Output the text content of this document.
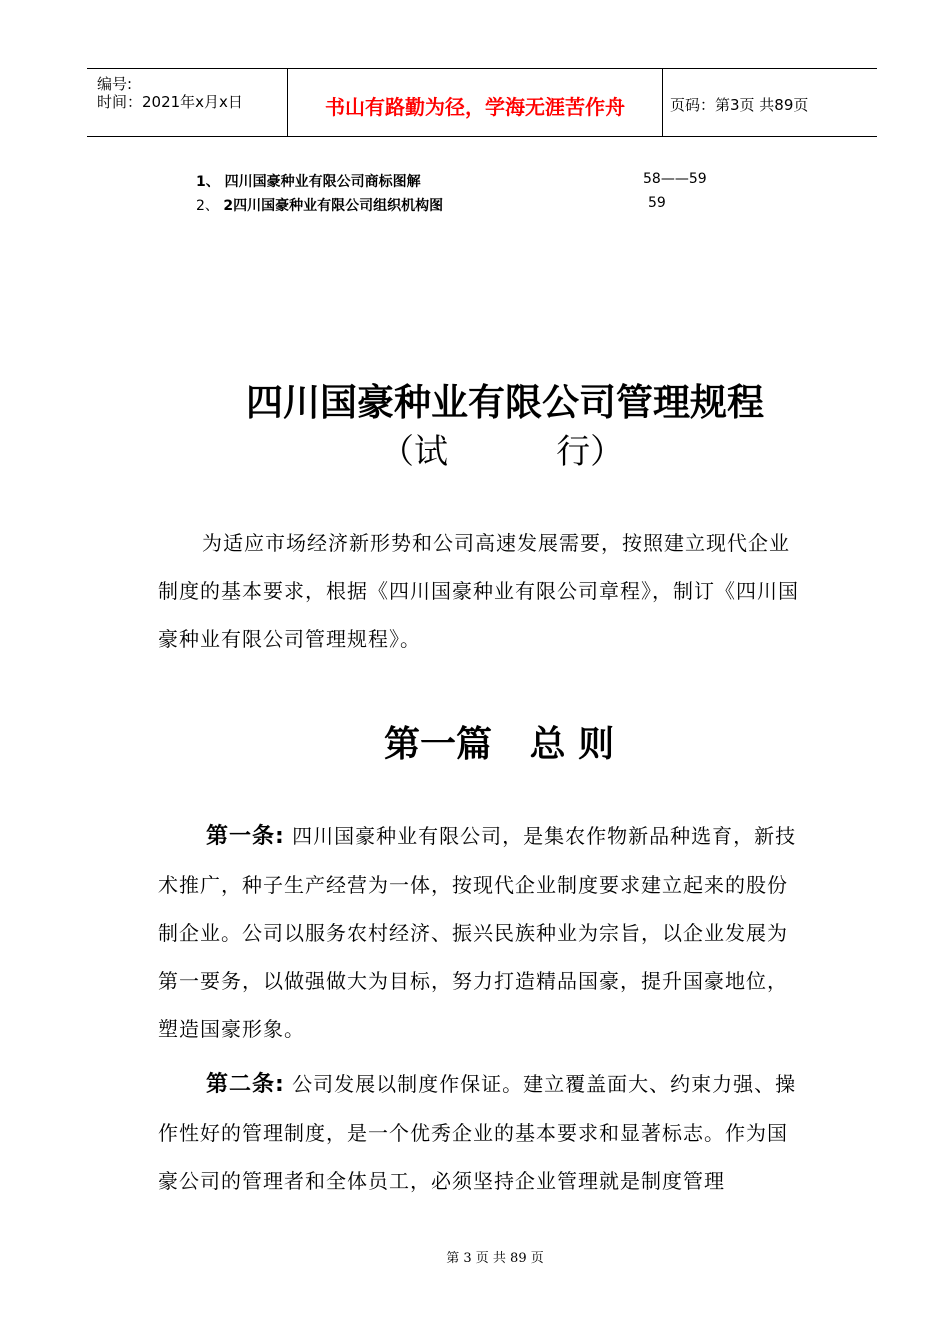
编号:
时间：2021年x月x日	书山有路勤为径，学海无涯苦作舟	页码：第3页 共89页
1、 四川国豪种业有限公司商标图解	58——59
2、 2四川国豪种业有限公司组织机构图	59
四川国豪种业有限公司管理规程
（试          行）
为适应市场经济新形势和公司高速发展需要，按照建立现代企业制度的基本要求，根据《四川国豪种业有限公司章程》，制订《四川国豪种业有限公司管理规程》。
第一篇   总 则
第一条: 四川国豪种业有限公司，是集农作物新品种选育，新技术推广，种子生产经营为一体，按现代企业制度要求建立起来的股份制企业。公司以服务农村经济、振兴民族种业为宗旨，以企业发展为第一要务，以做强做大为目标，努力打造精品国豪，提升国豪地位，塑造国豪形象。
第二条: 公司发展以制度作保证。建立覆盖面大、约束力强、操作性好的管理制度，是一个优秀企业的基本要求和显著标志。作为国豪公司的管理者和全体员工，必须坚持企业管理就是制度管理
第 3 页 共 89 页
